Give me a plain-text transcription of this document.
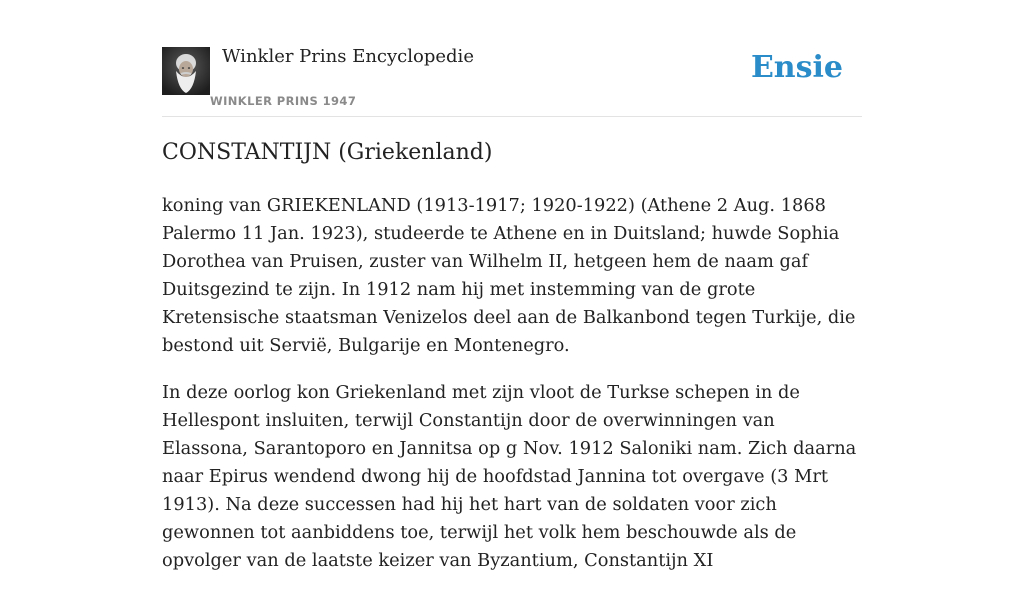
Winkler Prins Encyclopedie
WINKLER PRINS 1947
Ensie
CONSTANTIJN (Griekenland)

koning van GRIEKENLAND (1913-1917; 1920-1922) (Athene 2 Aug. 1868 Palermo 11 Jan. 1923), studeerde te Athene en in Duitsland; huwde Sophia Dorothea van Pruisen, zuster van Wilhelm II, hetgeen hem de naam gaf Duitsgezind te zijn. In 1912 nam hij met instemming van de grote Kretensische staatsman Venizelos deel aan de Balkanbond tegen Turkije, die bestond uit Servië, Bulgarije en Montenegro.

In deze oorlog kon Griekenland met zijn vloot de Turkse schepen in de Hellespont insluiten, terwijl Constantijn door de overwinningen van Elassona, Sarantoporo en Jannitsa op g Nov. 1912 Saloniki nam. Zich daarna naar Epirus wendend dwong hij de hoofdstad Jannina tot overgave (3 Mrt 1913). Na deze successen had hij het hart van de soldaten voor zich gewonnen tot aanbiddens toe, terwijl het volk hem beschouwde als de opvolger van de laatste keizer van Byzantium, Constantijn XI
